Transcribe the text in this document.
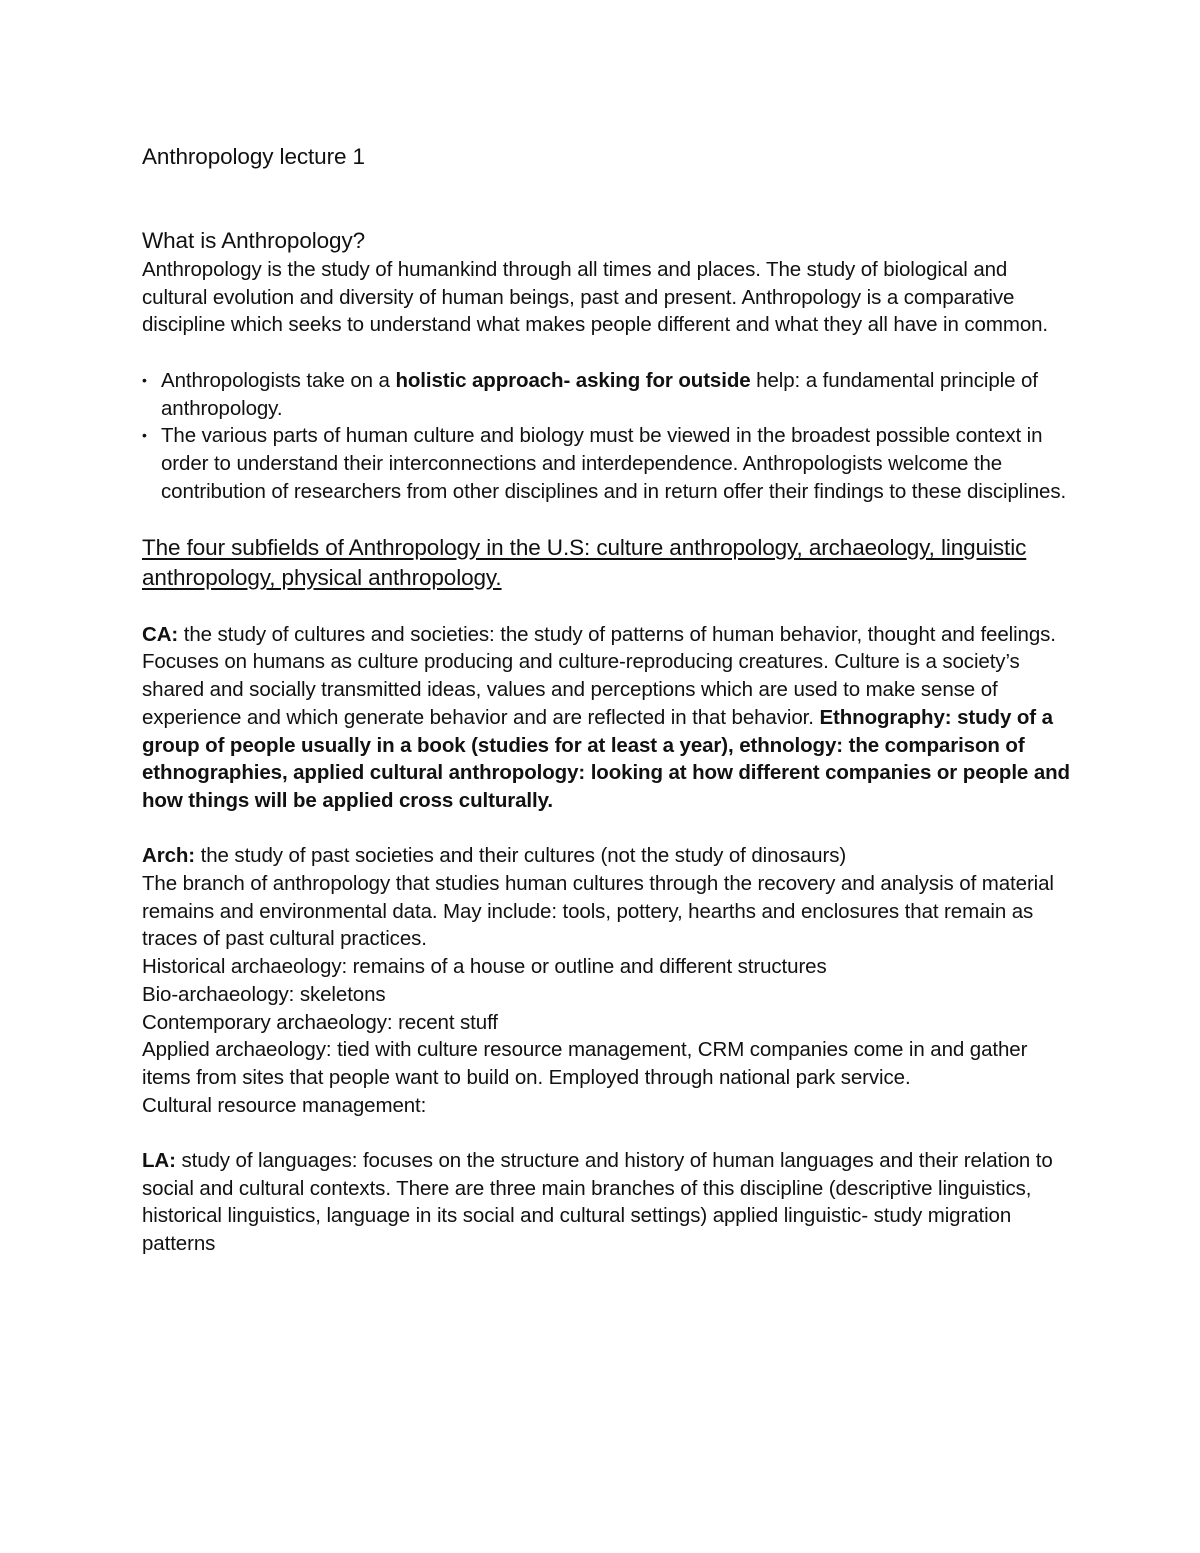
Anthropology lecture 1

What is Anthropology?

Anthropology is the study of humankind through all times and places. The study of biological and cultural evolution and diversity of human beings, past and present. Anthropology is a comparative discipline which seeks to understand what makes people different and what they all have in common.

• Anthropologists take on a holistic approach- asking for outside help: a fundamental principle of anthropology.
• The various parts of human culture and biology must be viewed in the broadest possible context in order to understand their interconnections and interdependence. Anthropologists welcome the contribution of researchers from other disciplines and in return offer their findings to these disciplines.

The four subfields of Anthropology in the U.S: culture anthropology, archaeology, linguistic anthropology, physical anthropology.

CA: the study of cultures and societies: the study of patterns of human behavior, thought and feelings. Focuses on humans as culture producing and culture-reproducing creatures. Culture is a society’s shared and socially transmitted ideas, values and perceptions which are used to make sense of experience and which generate behavior and are reflected in that behavior. Ethnography: study of a group of people usually in a book (studies for at least a year), ethnology: the comparison of ethnographies, applied cultural anthropology: looking at how different companies or people and how things will be applied cross culturally.

Arch: the study of past societies and their cultures (not the study of dinosaurs)

The branch of anthropology that studies human cultures through the recovery and analysis of material remains and environmental data. May include: tools, pottery, hearths and enclosures that remain as traces of past cultural practices.

Historical archaeology: remains of a house or outline and different structures

Bio-archaeology: skeletons

Contemporary archaeology: recent stuff

Applied archaeology: tied with culture resource management, CRM companies come in and gather items from sites that people want to build on. Employed through national park service.

Cultural resource management:

LA: study of languages: focuses on the structure and history of human languages and their relation to social and cultural contexts. There are three main branches of this discipline (descriptive linguistics, historical linguistics, language in its social and cultural settings) applied linguistic- study migration patterns
